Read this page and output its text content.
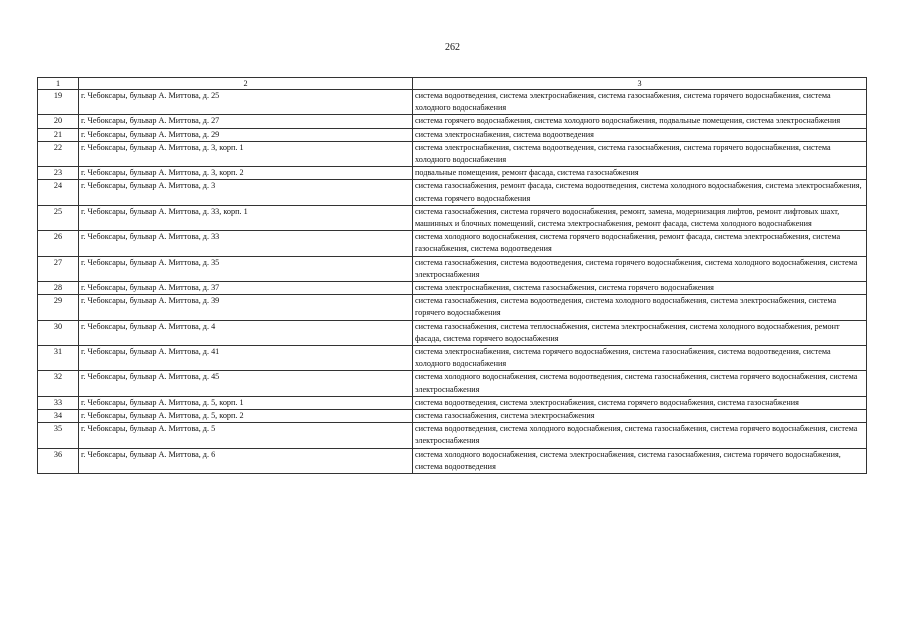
262
1	2	3
19	г. Чебоксары, бульвар А. Миттова, д. 25	система водоотведения, система электроснабжения, система газоснабжения, система горячего водоснабжения, система холодного водоснабжения
20	г. Чебоксары, бульвар А. Миттова, д. 27	система горячего водоснабжения, система холодного водоснабжения, подвальные помещения, система электроснабжения
21	г. Чебоксары, бульвар А. Миттова, д. 29	система электроснабжения, система водоотведения
22	г. Чебоксары, бульвар А. Миттова, д. 3, корп. 1	система электроснабжения, система водоотведения, система газоснабжения, система горячего водоснабжения, система холодного водоснабжения
23	г. Чебоксары, бульвар А. Миттова, д. 3, корп. 2	подвальные помещения, ремонт фасада, система газоснабжения
24	г. Чебоксары, бульвар А. Миттова, д. 3	система газоснабжения, ремонт фасада, система водоотведения, система холодного водоснабжения, система электроснабжения, система горячего водоснабжения
25	г. Чебоксары, бульвар А. Миттова, д. 33, корп. 1	система газоснабжения, система горячего водоснабжения, ремонт, замена, модернизация лифтов, ремонт лифтовых шахт, машинных и блочных помещений, система электроснабжения, ремонт фасада, система холодного водоснабжения
26	г. Чебоксары, бульвар А. Миттова, д. 33	система холодного водоснабжения, система горячего водоснабжения, ремонт фасада, система электроснабжения, система газоснабжения, система водоотведения
27	г. Чебоксары, бульвар А. Миттова, д. 35	система газоснабжения, система водоотведения, система горячего водоснабжения, система холодного водоснабжения, система электроснабжения
28	г. Чебоксары, бульвар А. Миттова, д. 37	система электроснабжения, система газоснабжения, система горячего водоснабжения
29	г. Чебоксары, бульвар А. Миттова, д. 39	система газоснабжения, система водоотведения, система холодного водоснабжения, система электроснабжения, система горячего водоснабжения
30	г. Чебоксары, бульвар А. Миттова, д. 4	система газоснабжения, система теплоснабжения, система электроснабжения, система холодного водоснабжения, ремонт фасада, система горячего водоснабжения
31	г. Чебоксары, бульвар А. Миттова, д. 41	система электроснабжения, система горячего водоснабжения, система газоснабжения, система водоотведения, система холодного водоснабжения
32	г. Чебоксары, бульвар А. Миттова, д. 45	система холодного водоснабжения, система водоотведения, система газоснабжения, система горячего водоснабжения, система электроснабжения
33	г. Чебоксары, бульвар А. Миттова, д. 5, корп. 1	система водоотведения, система электроснабжения, система горячего водоснабжения, система газоснабжения
34	г. Чебоксары, бульвар А. Миттова, д. 5, корп. 2	система газоснабжения, система электроснабжения
35	г. Чебоксары, бульвар А. Миттова, д. 5	система водоотведения, система холодного водоснабжения, система газоснабжения, система горячего водоснабжения, система электроснабжения
36	г. Чебоксары, бульвар А. Миттова, д. 6	система холодного водоснабжения, система электроснабжения, система газоснабжения, система горячего водоснабжения, система водоотведения
